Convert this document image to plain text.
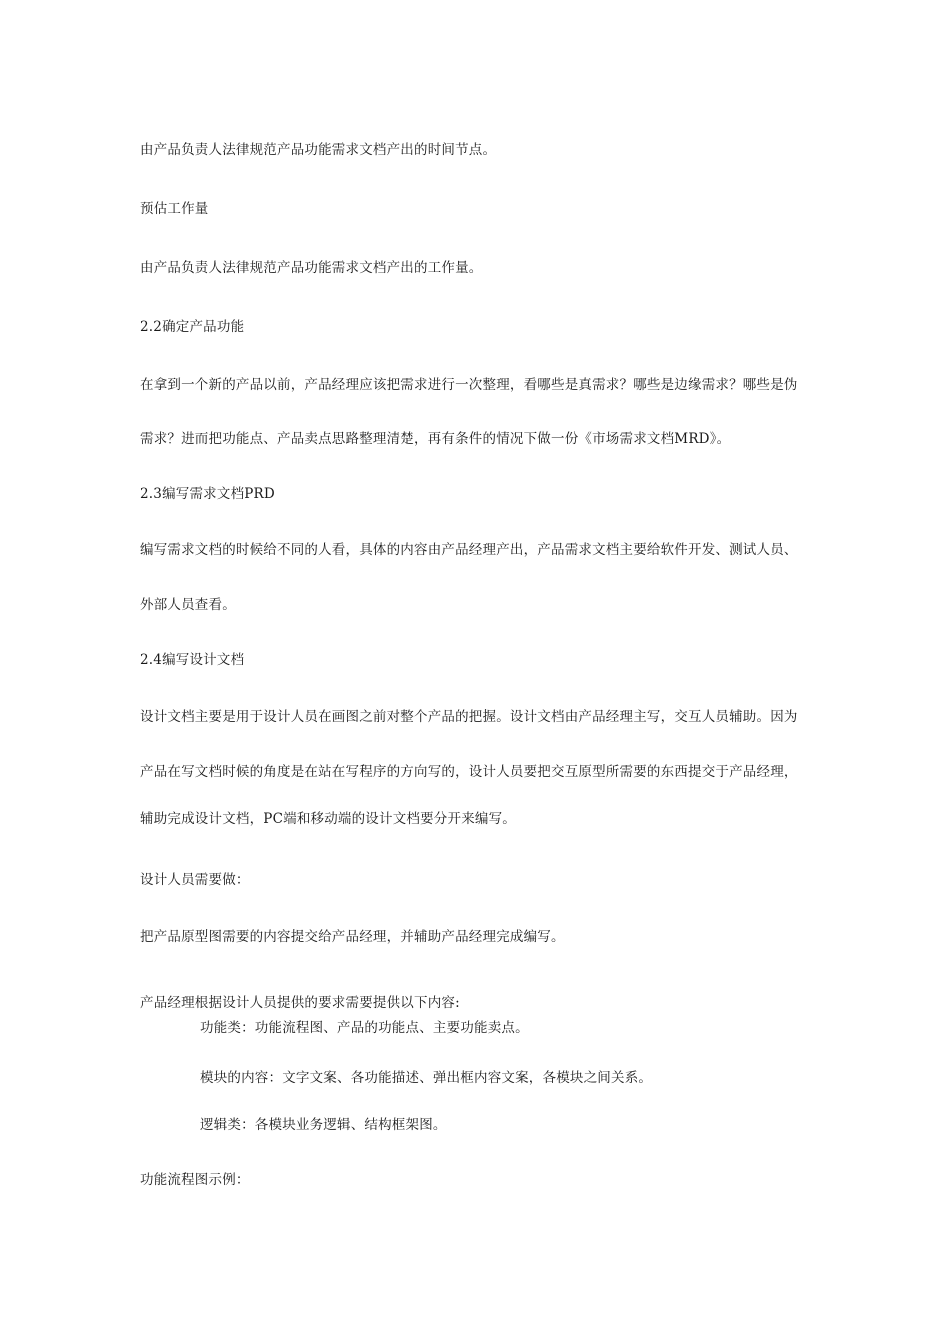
由产品负责人法律规范产品功能需求文档产出的时间节点。
预估工作量
由产品负责人法律规范产品功能需求文档产出的工作量。
2.2确定产品功能
在拿到一个新的产品以前，产品经理应该把需求进行一次整理，看哪些是真需求？哪些是边缘需求？哪些是伪
需求？进而把功能点、产品卖点思路整理清楚，再有条件的情况下做一份《市场需求文档MRD》。
2.3编写需求文档PRD
编写需求文档的时候给不同的人看，具体的内容由产品经理产出，产品需求文档主要给软件开发、测试人员、
外部人员查看。
2.4编写设计文档
设计文档主要是用于设计人员在画图之前对整个产品的把握。设计文档由产品经理主写，交互人员辅助。因为
产品在写文档时候的角度是在站在写程序的方向写的，设计人员要把交互原型所需要的东西提交于产品经理，
辅助完成设计文档，PC端和移动端的设计文档要分开来编写。
设计人员需要做：
把产品原型图需要的内容提交给产品经理，并辅助产品经理完成编写。
产品经理根据设计人员提供的要求需要提供以下内容:
功能类：功能流程图、产品的功能点、主要功能卖点。
模块的内容：文字文案、各功能描述、弹出框内容文案，各模块之间关系。
逻辑类：各模块业务逻辑、结构框架图。
功能流程图示例：
